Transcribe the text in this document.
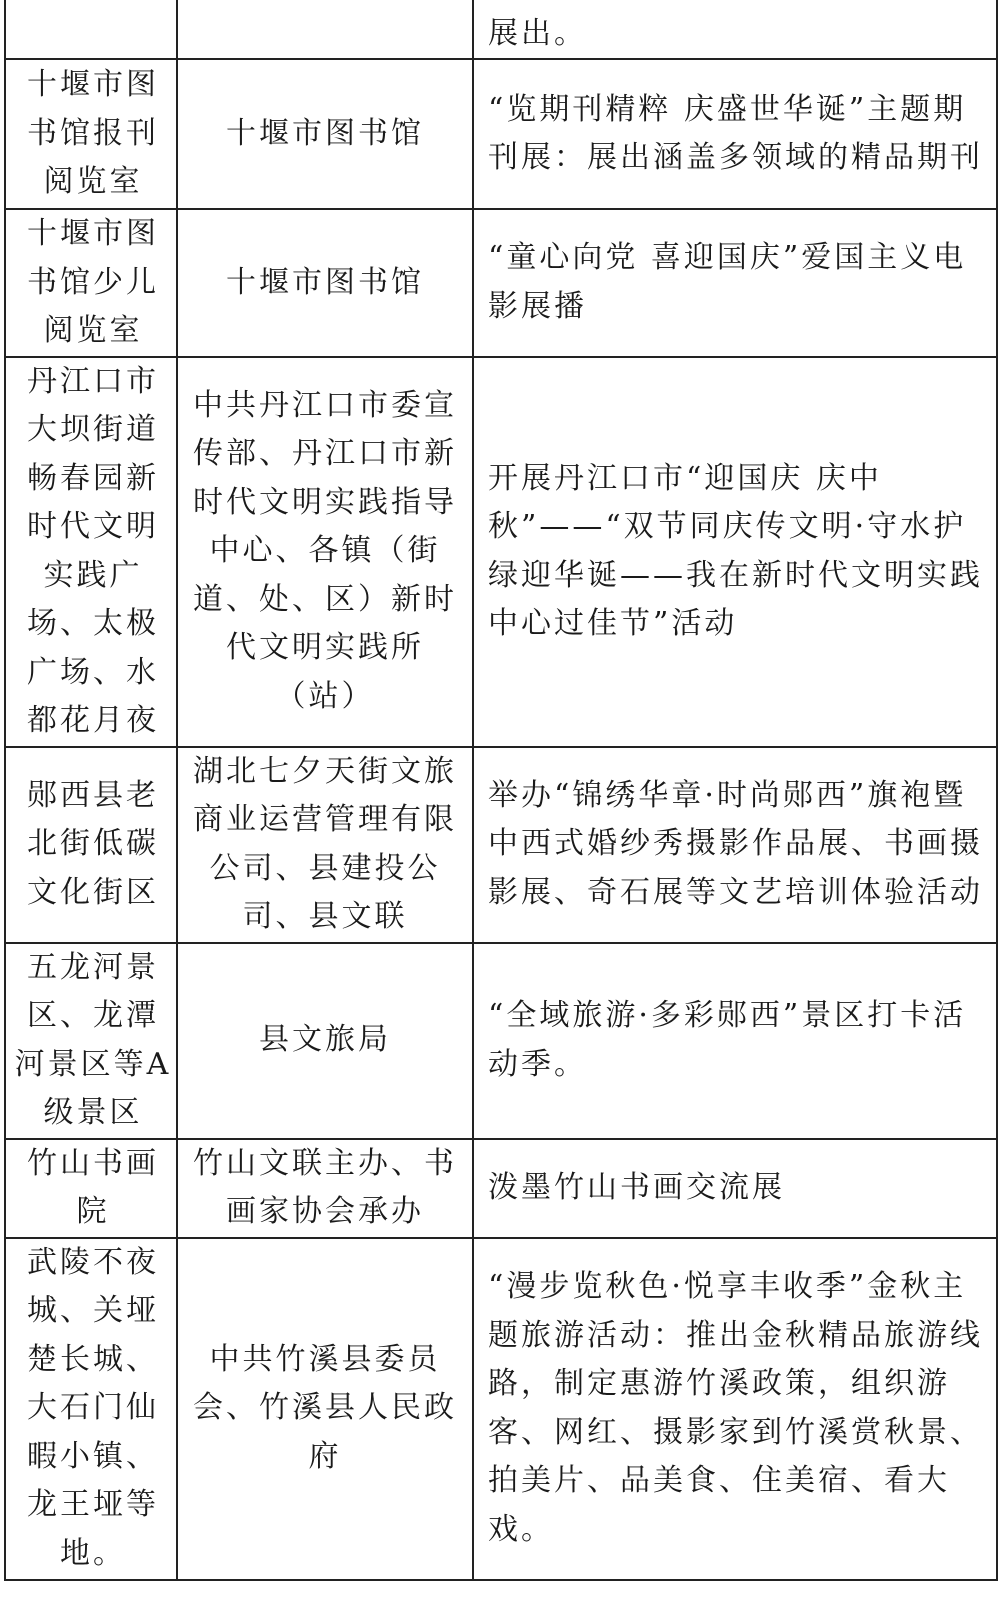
		展出。
十堰市图书馆报刊阅览室	十堰市图书馆	“览期刊精粹 庆盛世华诞”主题期刊展：展出涵盖多领域的精品期刊
十堰市图书馆少儿阅览室	十堰市图书馆	“童心向党 喜迎国庆”爱国主义电影展播
丹江口市大坝街道畅春园新时代文明实践广场、太极广场、水都花月夜	中共丹江口市委宣传部、丹江口市新时代文明实践指导中心、各镇（街道、处、区）新时代文明实践所（站）	开展丹江口市“迎国庆 庆中秋”——“双节同庆传文明·守水护绿迎华诞——我在新时代文明实践中心过佳节”活动
郧西县老北街低碳文化街区	湖北七夕天街文旅商业运营管理有限公司、县建投公司、县文联	举办“锦绣华章·时尚郧西”旗袍暨中西式婚纱秀摄影作品展、书画摄影展、奇石展等文艺培训体验活动
五龙河景区、龙潭河景区等A级景区	县文旅局	“全域旅游·多彩郧西”景区打卡活动季。
竹山书画院	竹山文联主办、书画家协会承办	泼墨竹山书画交流展
武陵不夜城、关垭楚长城、大石门仙暇小镇、龙王垭等地。	中共竹溪县委员会、竹溪县人民政府	“漫步览秋色·悦享丰收季”金秋主题旅游活动：推出金秋精品旅游线路，制定惠游竹溪政策，组织游客、网红、摄影家到竹溪赏秋景、拍美片、品美食、住美宿、看大戏。
